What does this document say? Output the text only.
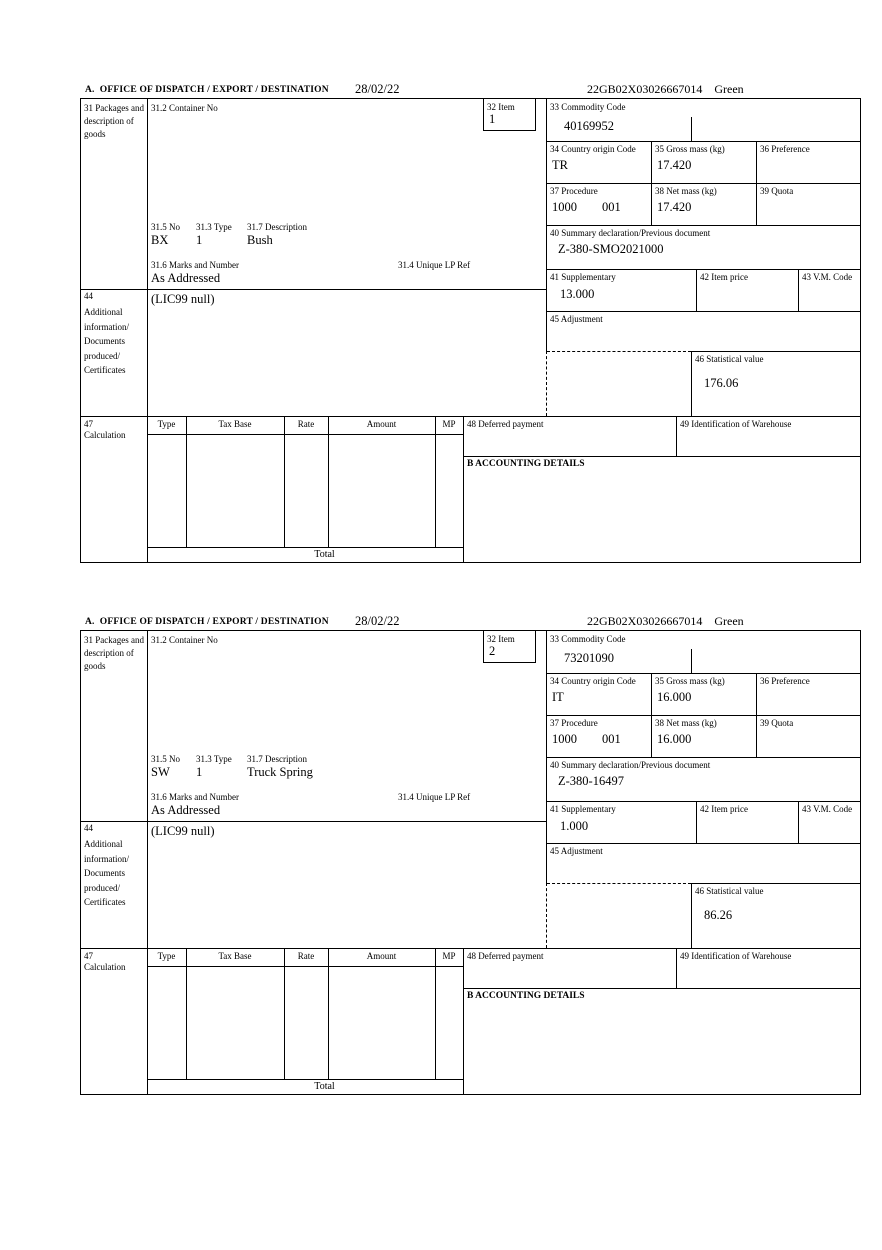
A.  OFFICE OF DISPATCH / EXPORT / DESTINATION 28/02/22	22GB02X03026667014 Green
31 Packages and description of goods
44
Additional information/ Documents produced/ Certificates
47
Calculation
31.2 Container No	32 Item
1
31.5 No 31.3 Type 31.7 Description
BX 1	Bush
31.6 Marks and Number	31.4 Unique LP Ref
As Addressed
(LIC99 null)
33 Commodity Code
40169952
34 Country origin Code
TR
35 Gross mass (kg)
17.420
36 Preference
37 Procedure
1000 001
38 Net mass (kg)
17.420
39 Quota
40 Summary declaration/Previous document
Z-380-SMO2021000
41 Supplementary
13.000
42 Item price	43 V.M. Code
45 Adjustment
46 Statistical value
176.06
Type	Tax Base	Rate	Amount	MP	48 Deferred payment	49 Identification of Warehouse
B ACCOUNTING DETAILS
Total
A.  OFFICE OF DISPATCH / EXPORT / DESTINATION 28/02/22	22GB02X03026667014 Green
31 Packages and description of goods
44
Additional information/ Documents produced/ Certificates
47
Calculation
31.2 Container No	32 Item
2
31.5 No 31.3 Type 31.7 Description
SW 1	Truck Spring
31.6 Marks and Number	31.4 Unique LP Ref
As Addressed
(LIC99 null)
33 Commodity Code
73201090
34 Country origin Code
IT
35 Gross mass (kg)
16.000
36 Preference
37 Procedure
1000 001
38 Net mass (kg)
16.000
39 Quota
40 Summary declaration/Previous document
Z-380-16497
41 Supplementary
1.000
42 Item price	43 V.M. Code
45 Adjustment
46 Statistical value
86.26
Type	Tax Base	Rate	Amount	MP	48 Deferred payment	49 Identification of Warehouse
B ACCOUNTING DETAILS
Total
